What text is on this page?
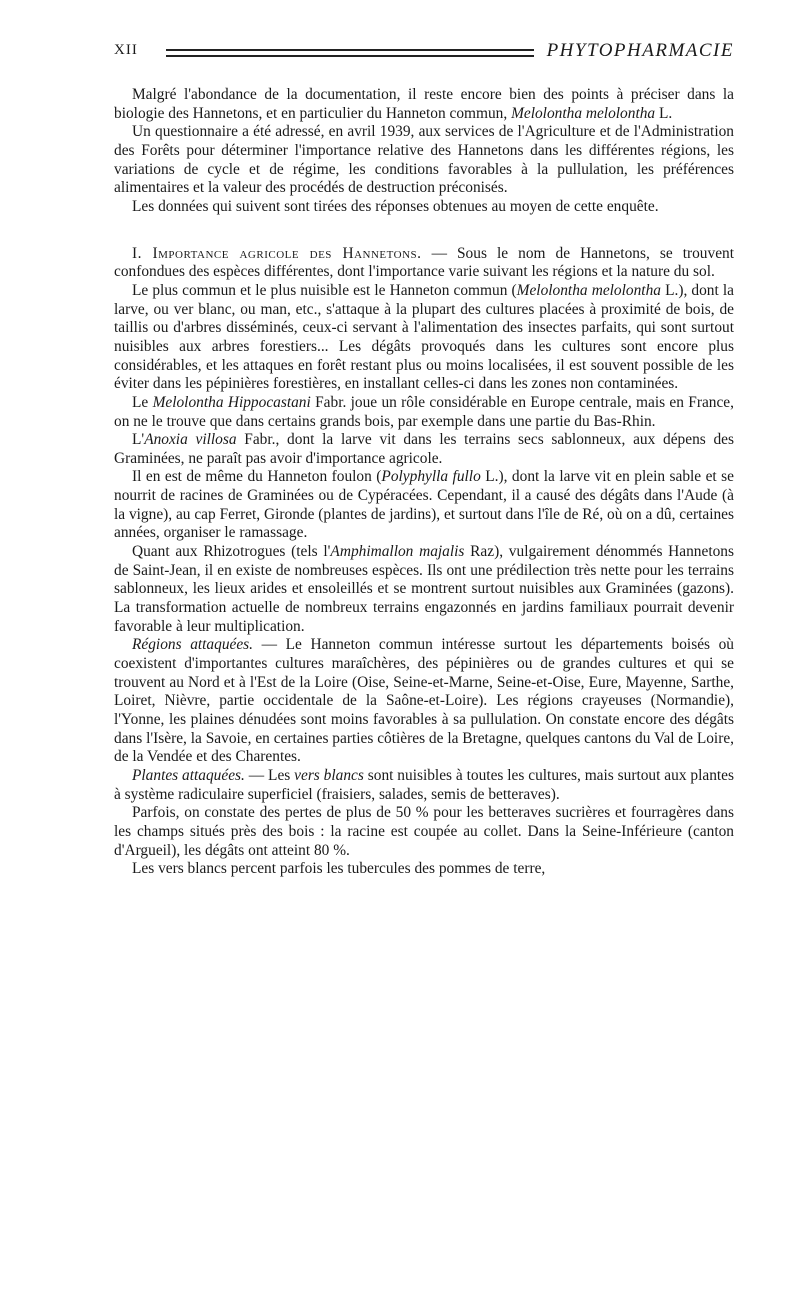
XII	PHYTOPHARMACIE

Malgré l'abondance de la documentation, il reste encore bien des points à préciser dans la biologie des Hannetons, et en particulier du Hanneton commun, Melolontha melolontha L.

Un questionnaire a été adressé, en avril 1939, aux services de l'Agriculture et de l'Administration des Forêts pour déterminer l'importance relative des Hannetons dans les différentes régions, les variations de cycle et de régime, les conditions favorables à la pullulation, les préférences alimentaires et la valeur des procédés de destruction préconisés.

Les données qui suivent sont tirées des réponses obtenues au moyen de cette enquête.

I. Importance agricole des Hannetons. — Sous le nom de Hannetons, se trouvent confondues des espèces différentes, dont l'importance varie suivant les régions et la nature du sol.

Le plus commun et le plus nuisible est le Hanneton commun (Melolontha melolontha L.), dont la larve, ou ver blanc, ou man, etc., s'attaque à la plupart des cultures placées à proximité de bois, de taillis ou d'arbres disséminés, ceux-ci servant à l'alimentation des insectes parfaits, qui sont surtout nuisibles aux arbres forestiers... Les dégâts provoqués dans les cultures sont encore plus considérables, et les attaques en forêt restant plus ou moins localisées, il est souvent possible de les éviter dans les pépinières forestières, en installant celles-ci dans les zones non contaminées.

Le Melolontha Hippocastani Fabr. joue un rôle considérable en Europe centrale, mais en France, on ne le trouve que dans certains grands bois, par exemple dans une partie du Bas-Rhin.

L'Anoxia villosa Fabr., dont la larve vit dans les terrains secs sablonneux, aux dépens des Graminées, ne paraît pas avoir d'importance agricole.

Il en est de même du Hanneton foulon (Polyphylla fullo L.), dont la larve vit en plein sable et se nourrit de racines de Graminées ou de Cypéracées. Cependant, il a causé des dégâts dans l'Aude (à la vigne), au cap Ferret, Gironde (plantes de jardins), et surtout dans l'île de Ré, où on a dû, certaines années, organiser le ramassage.

Quant aux Rhizotrogues (tels l'Amphimallon majalis Raz), vulgairement dénommés Hannetons de Saint-Jean, il en existe de nombreuses espèces. Ils ont une prédilection très nette pour les terrains sablonneux, les lieux arides et ensoleillés et se montrent surtout nuisibles aux Graminées (gazons). La transformation actuelle de nombreux terrains engazonnés en jardins familiaux pourrait devenir favorable à leur multiplication.

Régions attaquées. — Le Hanneton commun intéresse surtout les départements boisés où coexistent d'importantes cultures maraîchères, des pépinières ou de grandes cultures et qui se trouvent au Nord et à l'Est de la Loire (Oise, Seine-et-Marne, Seine-et-Oise, Eure, Mayenne, Sarthe, Loiret, Nièvre, partie occidentale de la Saône-et-Loire). Les régions crayeuses (Normandie), l'Yonne, les plaines dénudées sont moins favorables à sa pullulation. On constate encore des dégâts dans l'Isère, la Savoie, en certaines parties côtières de la Bretagne, quelques cantons du Val de Loire, de la Vendée et des Charentes.

Plantes attaquées. — Les vers blancs sont nuisibles à toutes les cultures, mais surtout aux plantes à système radiculaire superficiel (fraisiers, salades, semis de betteraves).

Parfois, on constate des pertes de plus de 50 % pour les betteraves sucrières et fourragères dans les champs situés près des bois : la racine est coupée au collet. Dans la Seine-Inférieure (canton d'Argueil), les dégâts ont atteint 80 %.

Les vers blancs percent parfois les tubercules des pommes de terre,
